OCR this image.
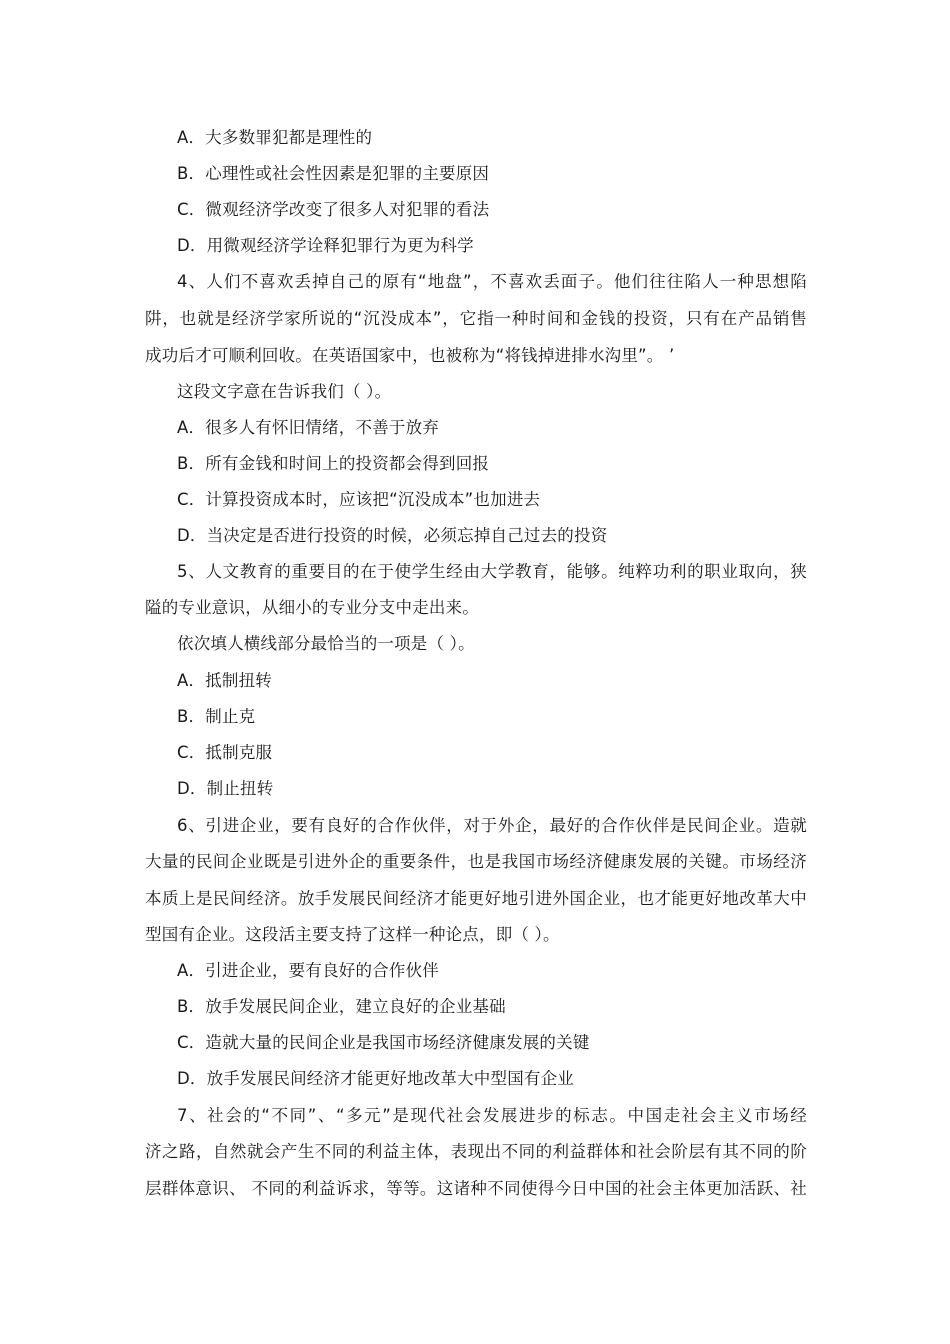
A．大多数罪犯都是理性的
B．心理性或社会性因素是犯罪的主要原因
C．微观经济学改变了很多人对犯罪的看法
D．用微观经济学诠释犯罪行为更为科学
4、人们不喜欢丢掉自己的原有“地盘”，不喜欢丢面子。他们往往陷人一种思想陷
阱，也就是经济学家所说的“沉没成本”，它指一种时间和金钱的投资，只有在产品销售
成功后才可顺利回收。在英语国家中，也被称为“将钱掉进排水沟里”。 ’
这段文字意在告诉我们（ ）。
A．很多人有怀旧情绪，不善于放弃
B．所有金钱和时间上的投资都会得到回报
C．计算投资成本时，应该把“沉没成本”也加进去
D．当决定是否进行投资的时候，必须忘掉自己过去的投资
5、人文教育的重要目的在于使学生经由大学教育，能够。纯粹功利的职业取向，狭
隘的专业意识，从细小的专业分支中走出来。
依次填人横线部分最恰当的一项是（ ）。
A．抵制扭转
B．制止克
C．抵制克服
D．制止扭转
6、引进企业，要有良好的合作伙伴，对于外企，最好的合作伙伴是民间企业。造就
大量的民间企业既是引进外企的重要条件，也是我国市场经济健康发展的关键。市场经济
本质上是民间经济。放手发展民间经济才能更好地引进外国企业，也才能更好地改革大中
型国有企业。这段活主要支持了这样一种论点，即（ ）。
A．引进企业，要有良好的合作伙伴
B．放手发展民间企业，建立良好的企业基础
C．造就大量的民间企业是我国市场经济健康发展的关键
D．放手发展民间经济才能更好地改革大中型国有企业
7、社会的“不同”、“多元”是现代社会发展进步的标志。中国走社会主义市场经
济之路，自然就会产生不同的利益主体，表现出不同的利益群体和社会阶层有其不同的阶
层群体意识、 不同的利益诉求，等等。这诸种不同使得今日中国的社会主体更加活跃、社
